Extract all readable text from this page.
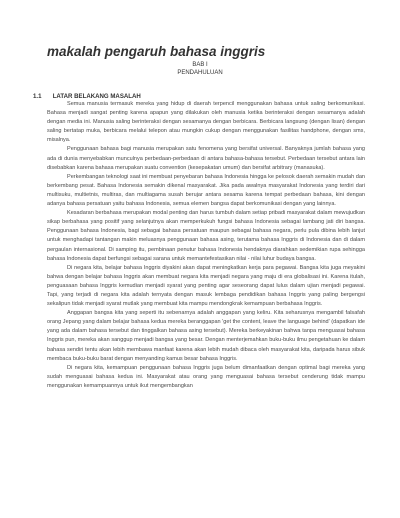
makalah pengaruh bahasa inggris
BAB I
PENDAHULUAN
1.1 LATAR BELAKANG MASALAH

Semua manusia termasuk mereka yang hidup di daerah terpencil menggunakan bahasa untuk saling berkomunikasi. Bahasa menjadi sangat penting karena apapun yang dilakukan oleh manusia ketika berinteraksi dengan sesamanya adalah dengan media ini. Manusia saling berinteraksi dengan sesamanya dengan berbicara. Berbicara langsung (dengan lisan) dengan saling bertatap muka, berbicara melalui telepon atau mungkin cukup dengan menggunakan fasilitas handphone, dengan sms, misalnya.

Penggunaan bahasa bagi manusia merupakan satu fenomena yang bersifat universal. Banyaknya jumlah bahasa yang ada di dunia menyebabkan munculnya perbedaan-perbedaan di antara bahasa-bahasa tersebut. Perbedaan tersebut antara lain disebabkan karena bahasa merupakan suatu convention (kesepakatan umum) dan bersifat arbitrary (manasuka).

Perkembangan teknologi saat ini membuat penyebaran bahasa Indonesia hingga ke pelosok daerah semakin mudah dan berkembang pesat. Bahasa Indonesia semakin dikenal masyarakat. Jika pada awalnya masyarakat Indonesia yang terdiri dari multisuku, multietnis, multiras, dan multiagama susah berujar antara sesama karena tempat perbedaan bahasa, kini dengan adanya bahasa persatuan yaitu bahasa Indonesia, semua elemen bangsa dapat berkomunikasi dengan yang lainnya.

Kesadaran berbahasa merupakan modal penting dan harus tumbuh dalam setiap pribadi masyarakat dalam mewujudkan sikap berbahasa yang positif yang selanjutnya akan memperkukuh fungsi bahasa Indonesia sebagai lambang jati diri bangsa. Penggunaan bahasa Indonesia, bagi sebagai bahasa persatuan maupun sebagai bahasa negara, perlu pula dibina lebih lanjut untuk menghadapi tantangan makin meluasnya penggunaan bahasa asing, terutama bahasa Inggris di Indonesia dan di dalam pergaulan internasional. Di samping itu, pembinaan penutur bahasa Indonesia hendaknya diarahkan sedemikian rupa sehingga bahasa Indonesia dapat berfungsi sebagai sarana untuk memantefestasikan nilai - nilai luhur budaya bangsa.

Di negara kita, belajar bahasa Inggris diyakini akan dapat meningkatkan kerja para pegawai. Bangsa kita juga meyakini bahwa dengan belajar bahasa Inggris akan membuat negara kita menjadi negara yang maju di era globalisasi ini. Karena itulah, penguasaan bahasa Inggris kemudian menjadi syarat yang penting agar seseorang dapat lulus dalam ujian menjadi pegawai. Tapi, yang terjadi di negara kita adalah ternyata dengan masuk lembaga pendidikan bahasa Inggris yang paling bergengsi sekalipun tidak menjadi syarat mutlak yang membuat kita mampu mendongkrak kemampuan berbahasa Inggris.

Anggapan bangsa kita yang seperti itu sebenarnya adalah anggapan yang keliru. Kita seharusnya mengambil falsafah orang Jepang yang dalam belajar bahasa kedua mereka beranggapan 'get the content, leave the language behind' (dapatkan ide yang ada dalam bahasa tersebut dan tinggalkan bahasa asing tersebut). Mereka berkeyakinan bahwa tanpa menguasai bahasa Inggris pun, mereka akan sanggup menjadi bangsa yang besar. Dengan menterjemahkan buku-buku ilmu pengetahuan ke dalam bahasa sendiri tentu akan lebih membawa manfaat karena akan lebih mudah dibaca oleh masyarakat kita, daripada harus sibuk membaca buku-buku barat dengan menyanding kamus besar bahasa Inggris.

Di negara kita, kemampuan penggunaan bahasa Inggris juga belum dimanfaatkan dengan optimal bagi mereka yang sudah menguasai bahasa kedua ini. Masyarakat atau orang yang menguasai bahasa tersebut cenderung tidak mampu menggunakan kemampuannya untuk ikut mengembangkan
